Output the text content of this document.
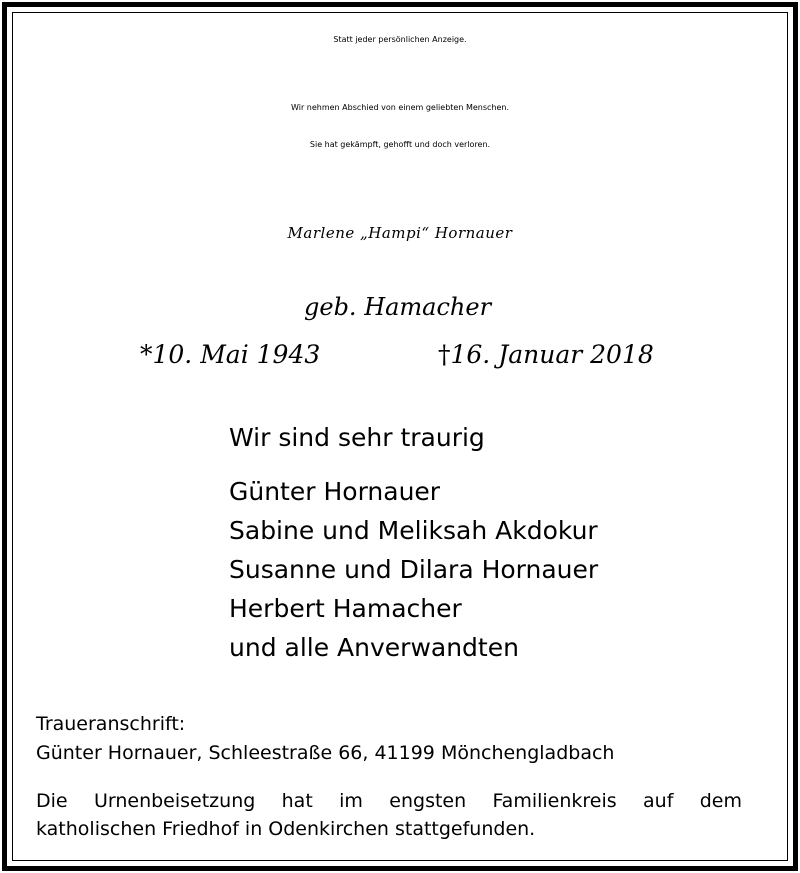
Statt jeder persönlichen Anzeige.

Wir nehmen Abschied von einem geliebten Menschen.

Sie hat gekämpft, gehofft und doch verloren.

Marlene „Hampi“ Hornauer

geb. Hamacher

*10. Mai 1943	†16. Januar 2018

Wir sind sehr traurig

Günter Hornauer

Sabine und Meliksah Akdokur

Susanne und Dilara Hornauer

Herbert Hamacher

und alle Anverwandten

Traueranschrift:

Günter Hornauer, Schleestraße 66, 41199 Mönchengladbach

Die Urnenbeisetzung hat im engsten Familienkreis auf dem

katholischen Friedhof in Odenkirchen stattgefunden.
